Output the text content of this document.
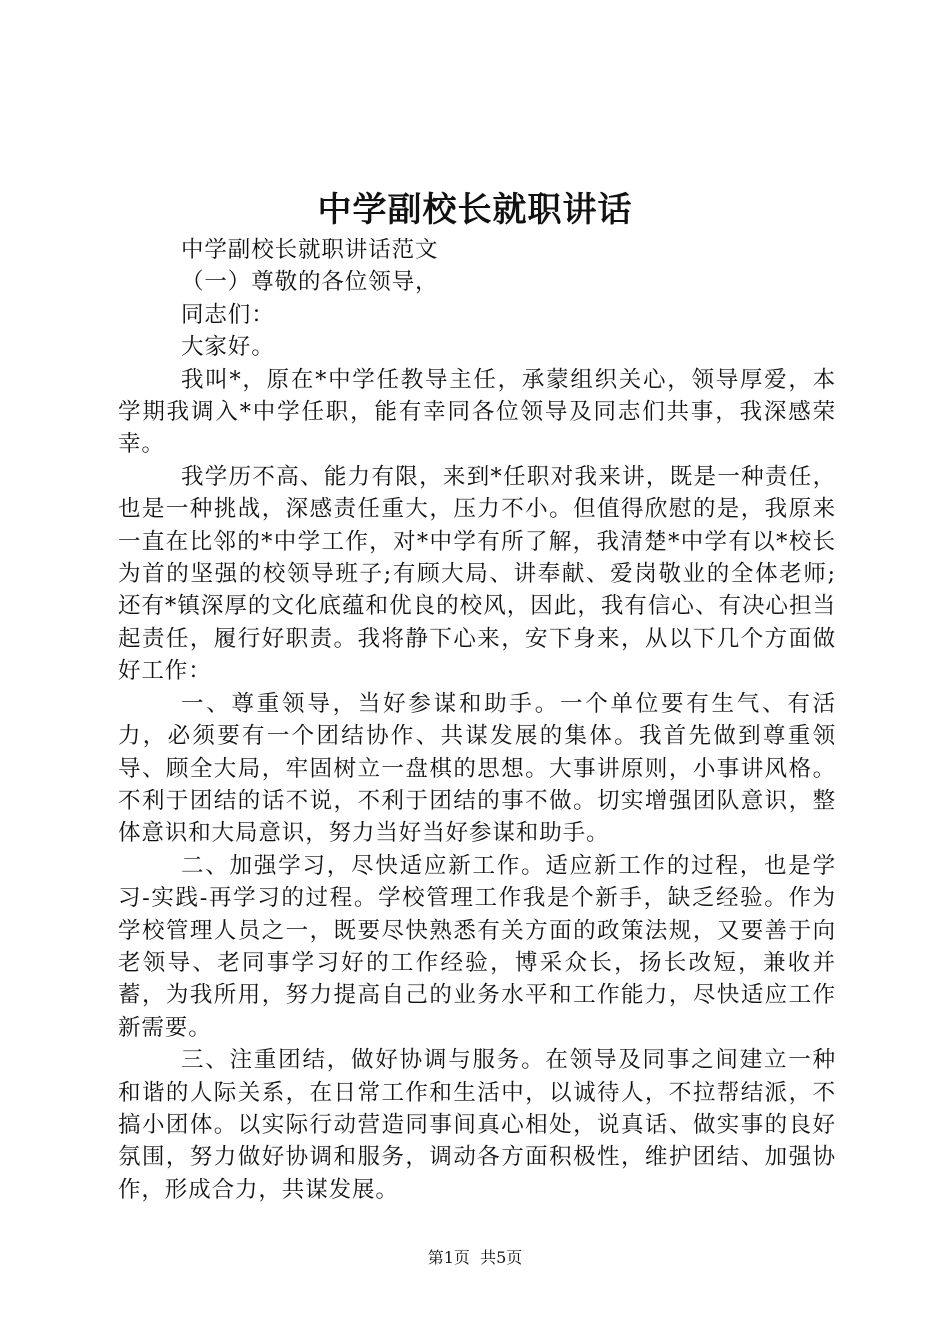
中学副校长就职讲话

中学副校长就职讲话范文

（一）尊敬的各位领导，

同志们：

大家好。

我叫*，原在*中学任教导主任，承蒙组织关心，领导厚爱，本学期我调入*中学任职，能有幸同各位领导及同志们共事，我深感荣幸。

我学历不高、能力有限，来到*任职对我来讲，既是一种责任，也是一种挑战，深感责任重大，压力不小。但值得欣慰的是，我原来一直在比邻的*中学工作，对*中学有所了解，我清楚*中学有以*校长为首的坚强的校领导班子;有顾大局、讲奉献、爱岗敬业的全体老师;还有*镇深厚的文化底蕴和优良的校风，因此，我有信心、有决心担当起责任，履行好职责。我将静下心来，安下身来，从以下几个方面做好工作：

一、尊重领导，当好参谋和助手。一个单位要有生气、有活力，必须要有一个团结协作、共谋发展的集体。我首先做到尊重领导、顾全大局，牢固树立一盘棋的思想。大事讲原则，小事讲风格。不利于团结的话不说，不利于团结的事不做。切实增强团队意识，整体意识和大局意识，努力当好当好参谋和助手。

二、加强学习，尽快适应新工作。适应新工作的过程，也是学习-实践-再学习的过程。学校管理工作我是个新手，缺乏经验。作为学校管理人员之一，既要尽快熟悉有关方面的政策法规，又要善于向老领导、老同事学习好的工作经验，博采众长，扬长改短，兼收并蓄，为我所用，努力提高自己的业务水平和工作能力，尽快适应工作新需要。

三、注重团结，做好协调与服务。在领导及同事之间建立一种和谐的人际关系，在日常工作和生活中，以诚待人，不拉帮结派，不搞小团体。以实际行动营造同事间真心相处，说真话、做实事的良好氛围，努力做好协调和服务，调动各方面积极性，维护团结、加强协作，形成合力，共谋发展。

第1页 共5页
